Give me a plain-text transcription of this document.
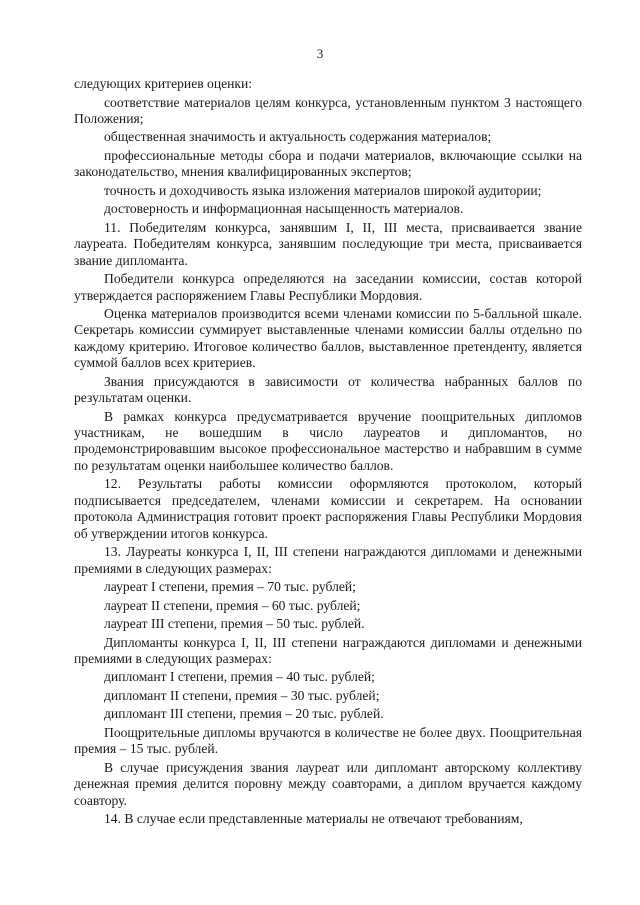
3

следующих критериев оценки:

соответствие материалов целям конкурса, установленным пунктом 3 настоящего Положения;

общественная значимость и актуальность содержания материалов;

профессиональные методы сбора и подачи материалов, включающие ссылки на законодательство, мнения квалифицированных экспертов;

точность и доходчивость языка изложения материалов широкой аудитории;

достоверность и информационная насыщенность материалов.

11. Победителям конкурса, занявшим I, II, III места, присваивается звание лауреата. Победителям конкурса, занявшим последующие три места, присваивается звание дипломанта.

Победители конкурса определяются на заседании комиссии, состав которой утверждается распоряжением Главы Республики Мордовия.

Оценка материалов производится всеми членами комиссии по 5-балльной шкале. Секретарь комиссии суммирует выставленные членами комиссии баллы отдельно по каждому критерию. Итоговое количество баллов, выставленное претенденту, является суммой баллов всех критериев.

Звания присуждаются в зависимости от количества набранных баллов по результатам оценки.

В рамках конкурса предусматривается вручение поощрительных дипломов участникам, не вошедшим в число лауреатов и дипломантов, но продемонстрировавшим высокое профессиональное мастерство и набравшим в сумме по результатам оценки наибольшее количество баллов.

12. Результаты работы комиссии оформляются протоколом, который подписывается председателем, членами комиссии и секретарем. На основании протокола Администрация готовит проект распоряжения Главы Республики Мордовия об утверждении итогов конкурса.

13. Лауреаты конкурса I, II, III степени награждаются дипломами и денежными премиями в следующих размерах:

лауреат I степени, премия – 70 тыс. рублей;

лауреат II степени, премия – 60 тыс. рублей;

лауреат III степени, премия – 50 тыс. рублей.

Дипломанты конкурса I, II, III степени награждаются дипломами и денежными премиями в следующих размерах:

дипломант I степени, премия – 40 тыс. рублей;

дипломант II степени, премия – 30 тыс. рублей;

дипломант III степени, премия – 20 тыс. рублей.

Поощрительные дипломы вручаются в количестве не более двух. Поощрительная премия – 15 тыс. рублей.

В случае присуждения звания лауреат или дипломант авторскому коллективу денежная премия делится поровну между соавторами, а диплом вручается каждому соавтору.

14. В случае если представленные материалы не отвечают требованиям,
